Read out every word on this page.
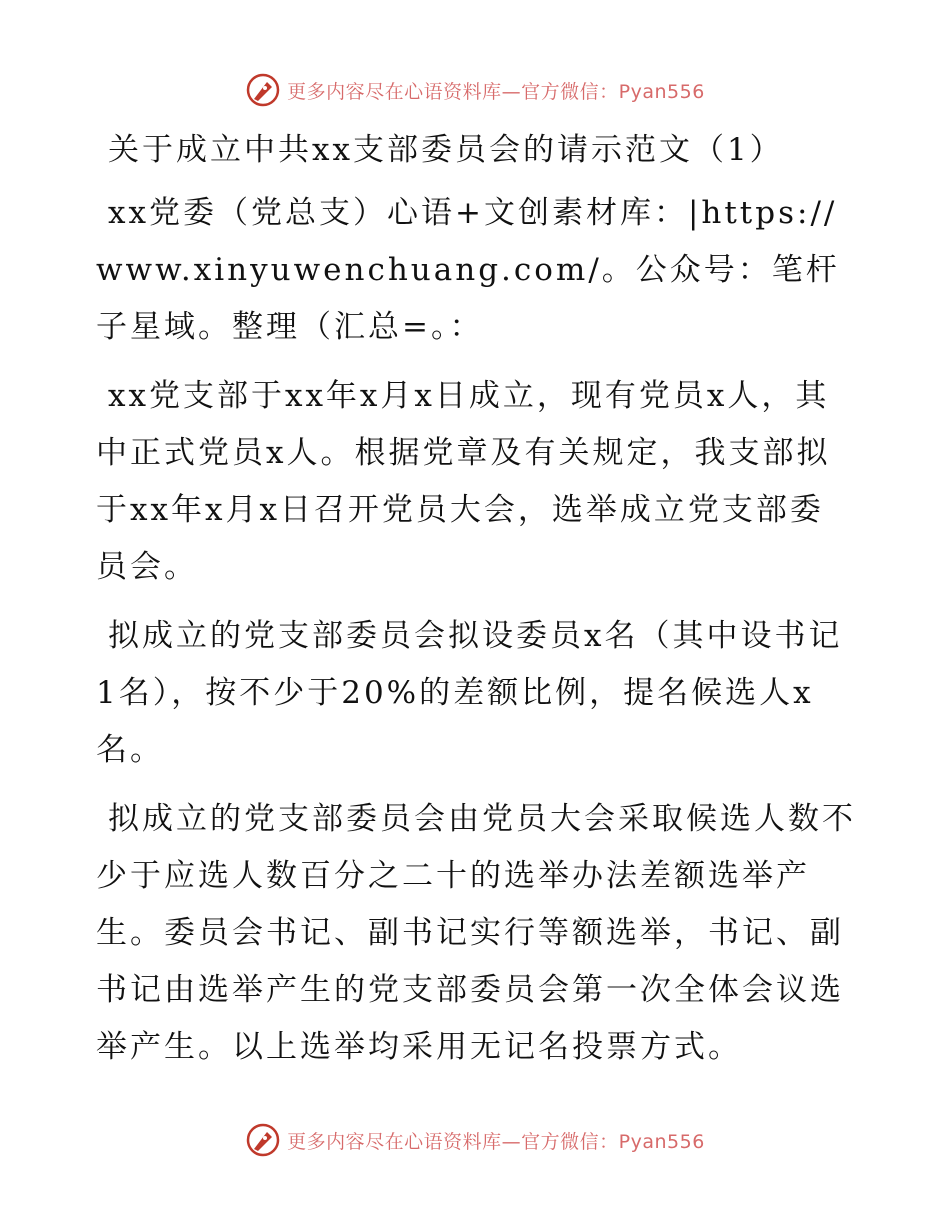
更多内容尽在心语资料库—官方微信：Pyan556

关于成立中共xx支部委员会的请示范文（1）

xx党委（党总支）心语+文创素材库：|https://www.xinyuwenchuang.com/。公众号：笔杆子星域。整理（汇总=。：

xx党支部于xx年x月x日成立，现有党员x人，其中正式党员x人。根据党章及有关规定，我支部拟于xx年x月x日召开党员大会，选举成立党支部委员会。

拟成立的党支部委员会拟设委员x名（其中设书记1名），按不少于20%的差额比例，提名候选人x名。

拟成立的党支部委员会由党员大会采取候选人数不少于应选人数百分之二十的选举办法差额选举产生。委员会书记、副书记实行等额选举，书记、副书记由选举产生的党支部委员会第一次全体会议选举产生。以上选举均采用无记名投票方式。

更多内容尽在心语资料库—官方微信：Pyan556
